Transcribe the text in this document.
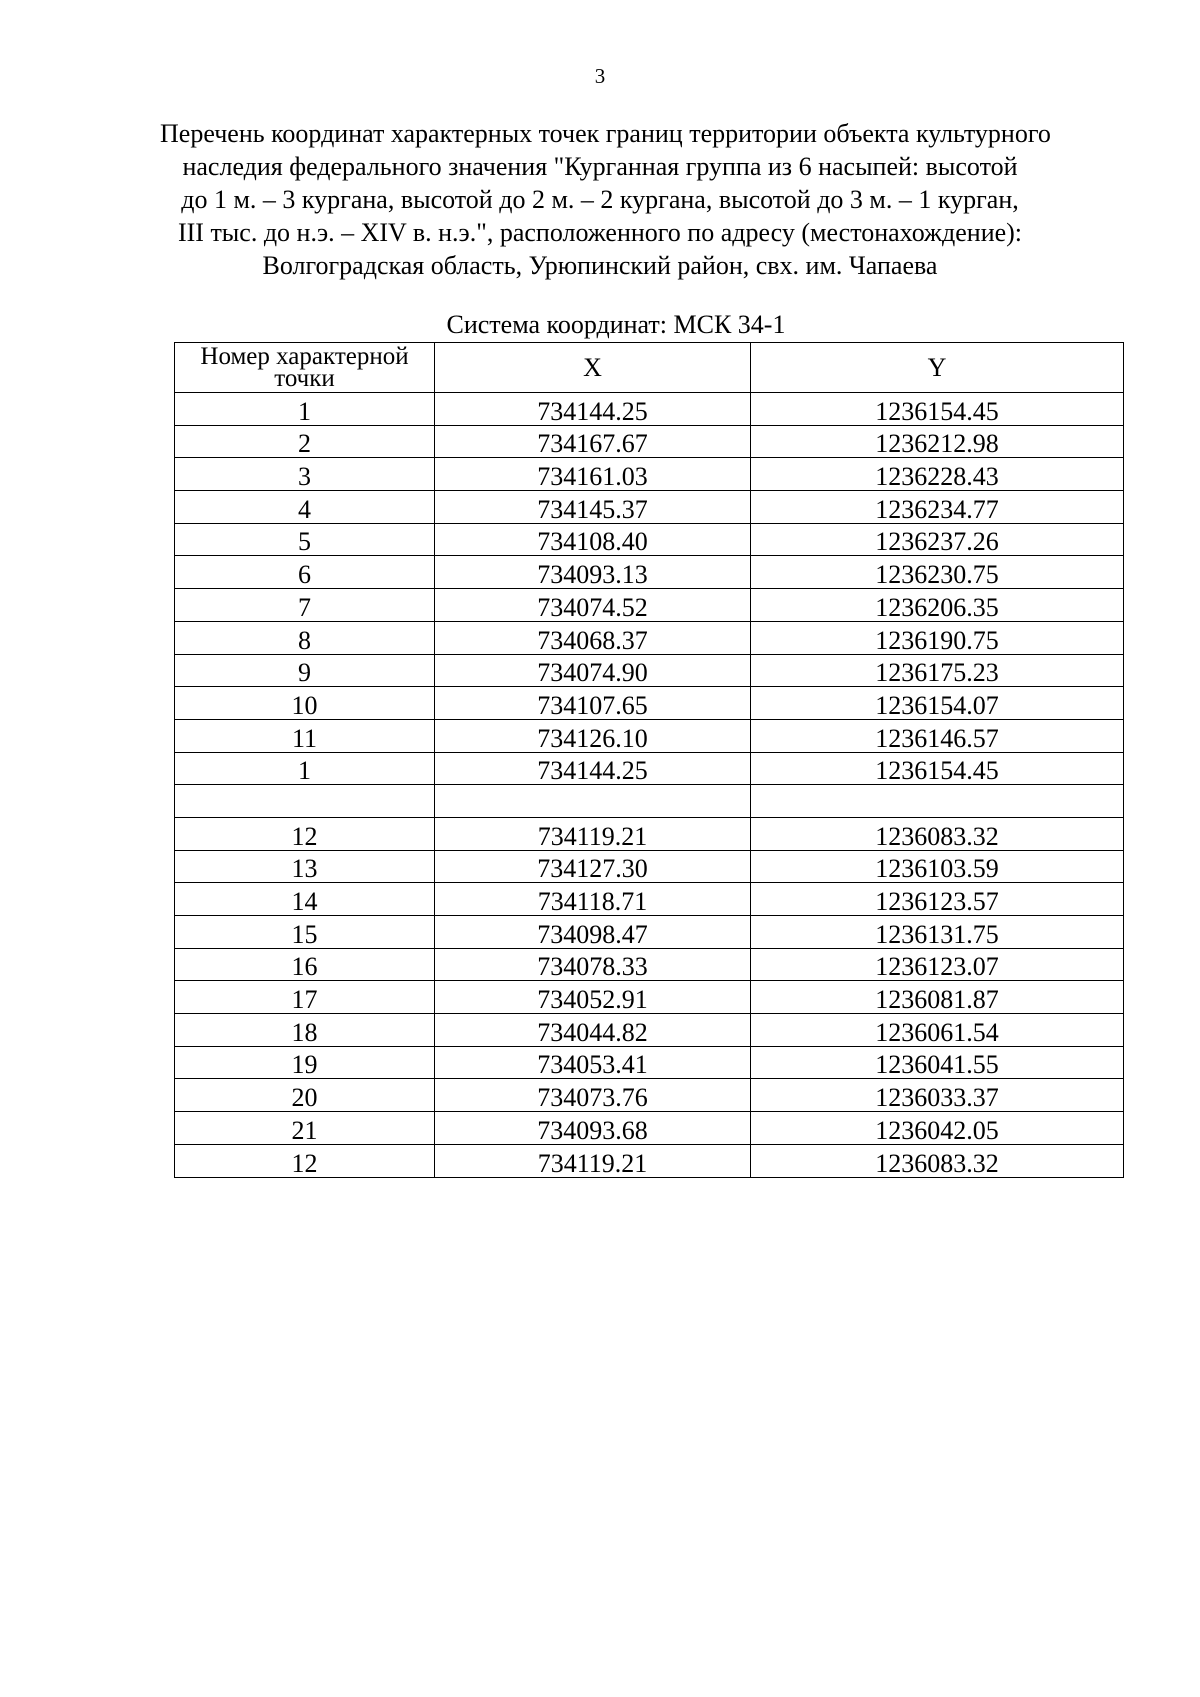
3
Перечень координат характерных точек границ территории объекта культурного
наследия федерального значения "Курганная группа из 6 насыпей: высотой
до 1 м. – 3 кургана, высотой до 2 м. – 2 кургана, высотой до 3 м. – 1 курган,
III тыс. до н.э. – XIV в. н.э.", расположенного по адресу (местонахождение):
Волгоградская область, Урюпинский район, свх. им. Чапаева
Система координат: МСК 34-1
Номер характерной
точки	X	Y
1	734144.25	1236154.45
2	734167.67	1236212.98
3	734161.03	1236228.43
4	734145.37	1236234.77
5	734108.40	1236237.26
6	734093.13	1236230.75
7	734074.52	1236206.35
8	734068.37	1236190.75
9	734074.90	1236175.23
10	734107.65	1236154.07
11	734126.10	1236146.57
1	734144.25	1236154.45

12	734119.21	1236083.32
13	734127.30	1236103.59
14	734118.71	1236123.57
15	734098.47	1236131.75
16	734078.33	1236123.07
17	734052.91	1236081.87
18	734044.82	1236061.54
19	734053.41	1236041.55
20	734073.76	1236033.37
21	734093.68	1236042.05
12	734119.21	1236083.32
